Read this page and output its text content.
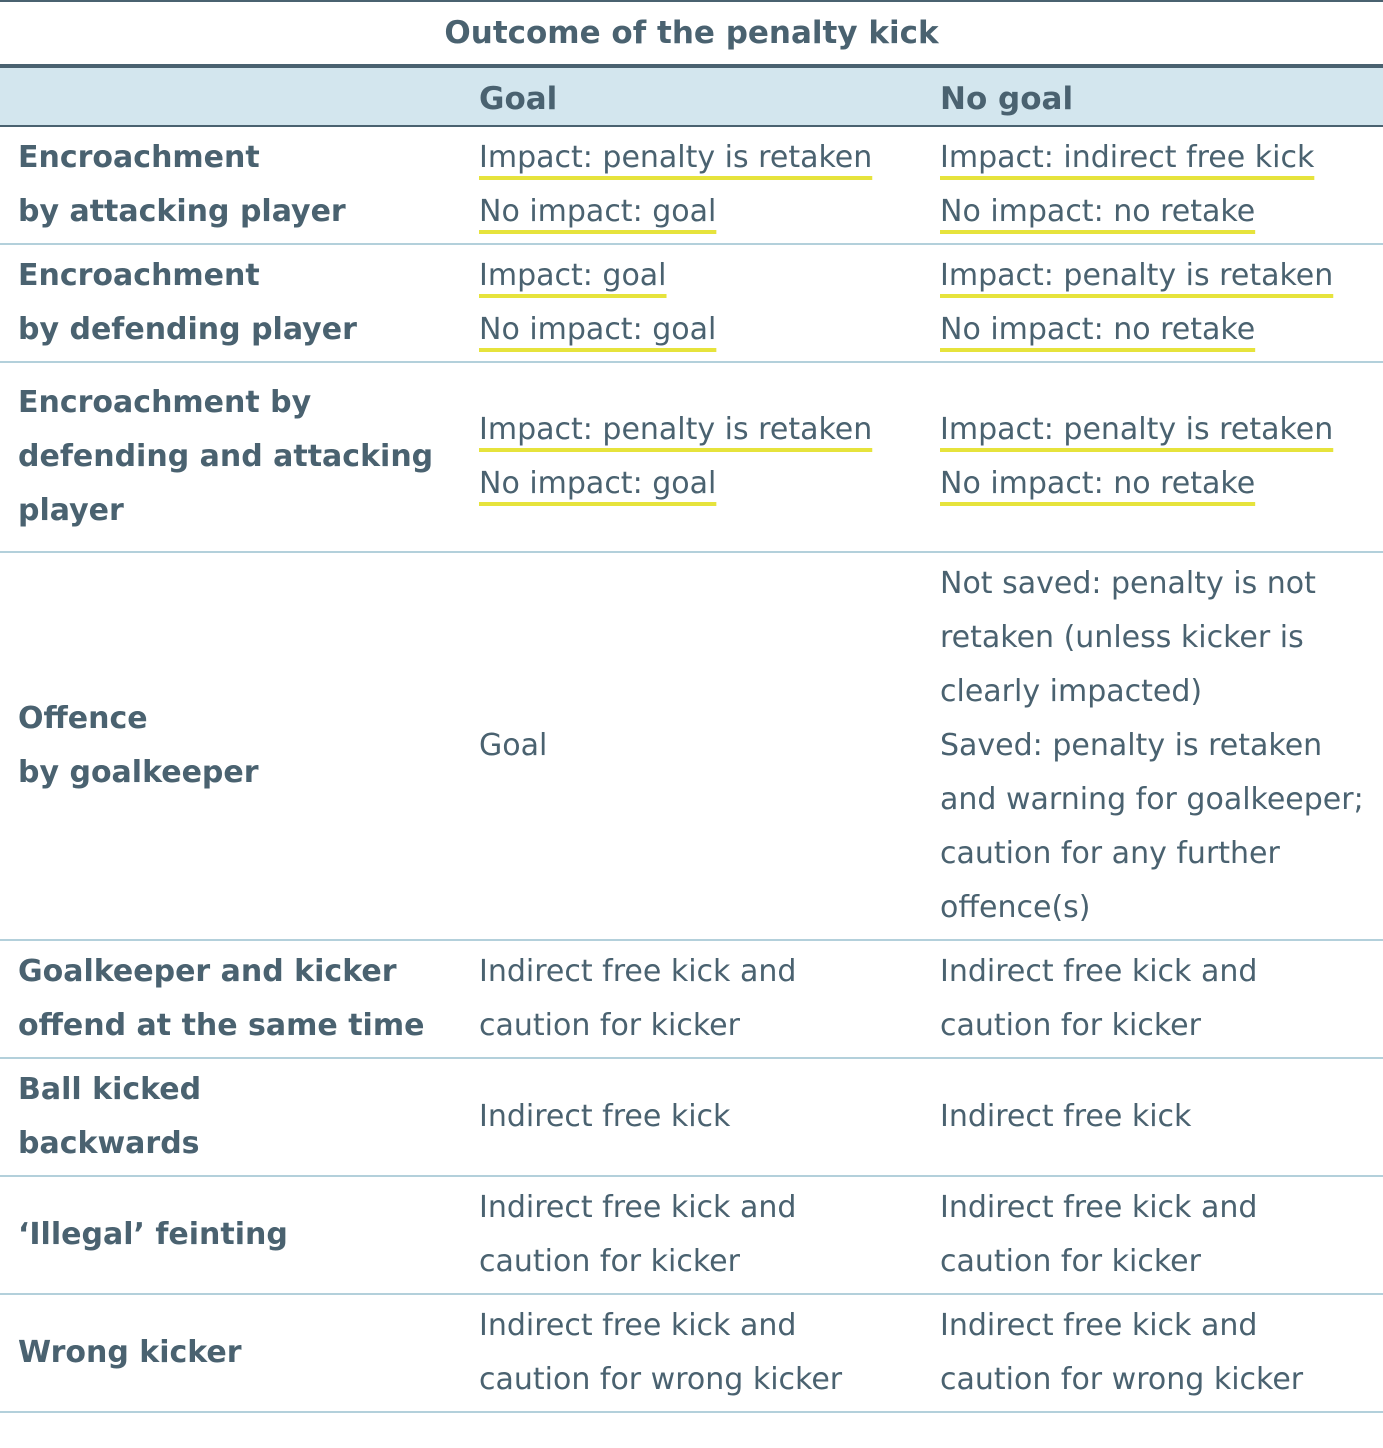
Outcome of the penalty kick
Goal	No goal
Encroachment
by attacking player
Impact: penalty is retaken
No impact: goal
Impact: indirect free kick
No impact: no retake
Encroachment
by defending player
Impact: goal
No impact: goal
Impact: penalty is retaken
No impact: no retake
Encroachment by
defending and attacking
player
Impact: penalty is retaken
No impact: goal
Impact: penalty is retaken
No impact: no retake
Offence
by goalkeeper
Goal
Not saved: penalty is not
retaken (unless kicker is
clearly impacted)
Saved: penalty is retaken
and warning for goalkeeper;
caution for any further
offence(s)
Goalkeeper and kicker
offend at the same time
Indirect free kick and
caution for kicker
Indirect free kick and
caution for kicker
Ball kicked
backwards
Indirect free kick	Indirect free kick
‘Illegal’ feinting
Indirect free kick and
caution for kicker
Indirect free kick and
caution for kicker
Wrong kicker
Indirect free kick and
caution for wrong kicker
Indirect free kick and
caution for wrong kicker
